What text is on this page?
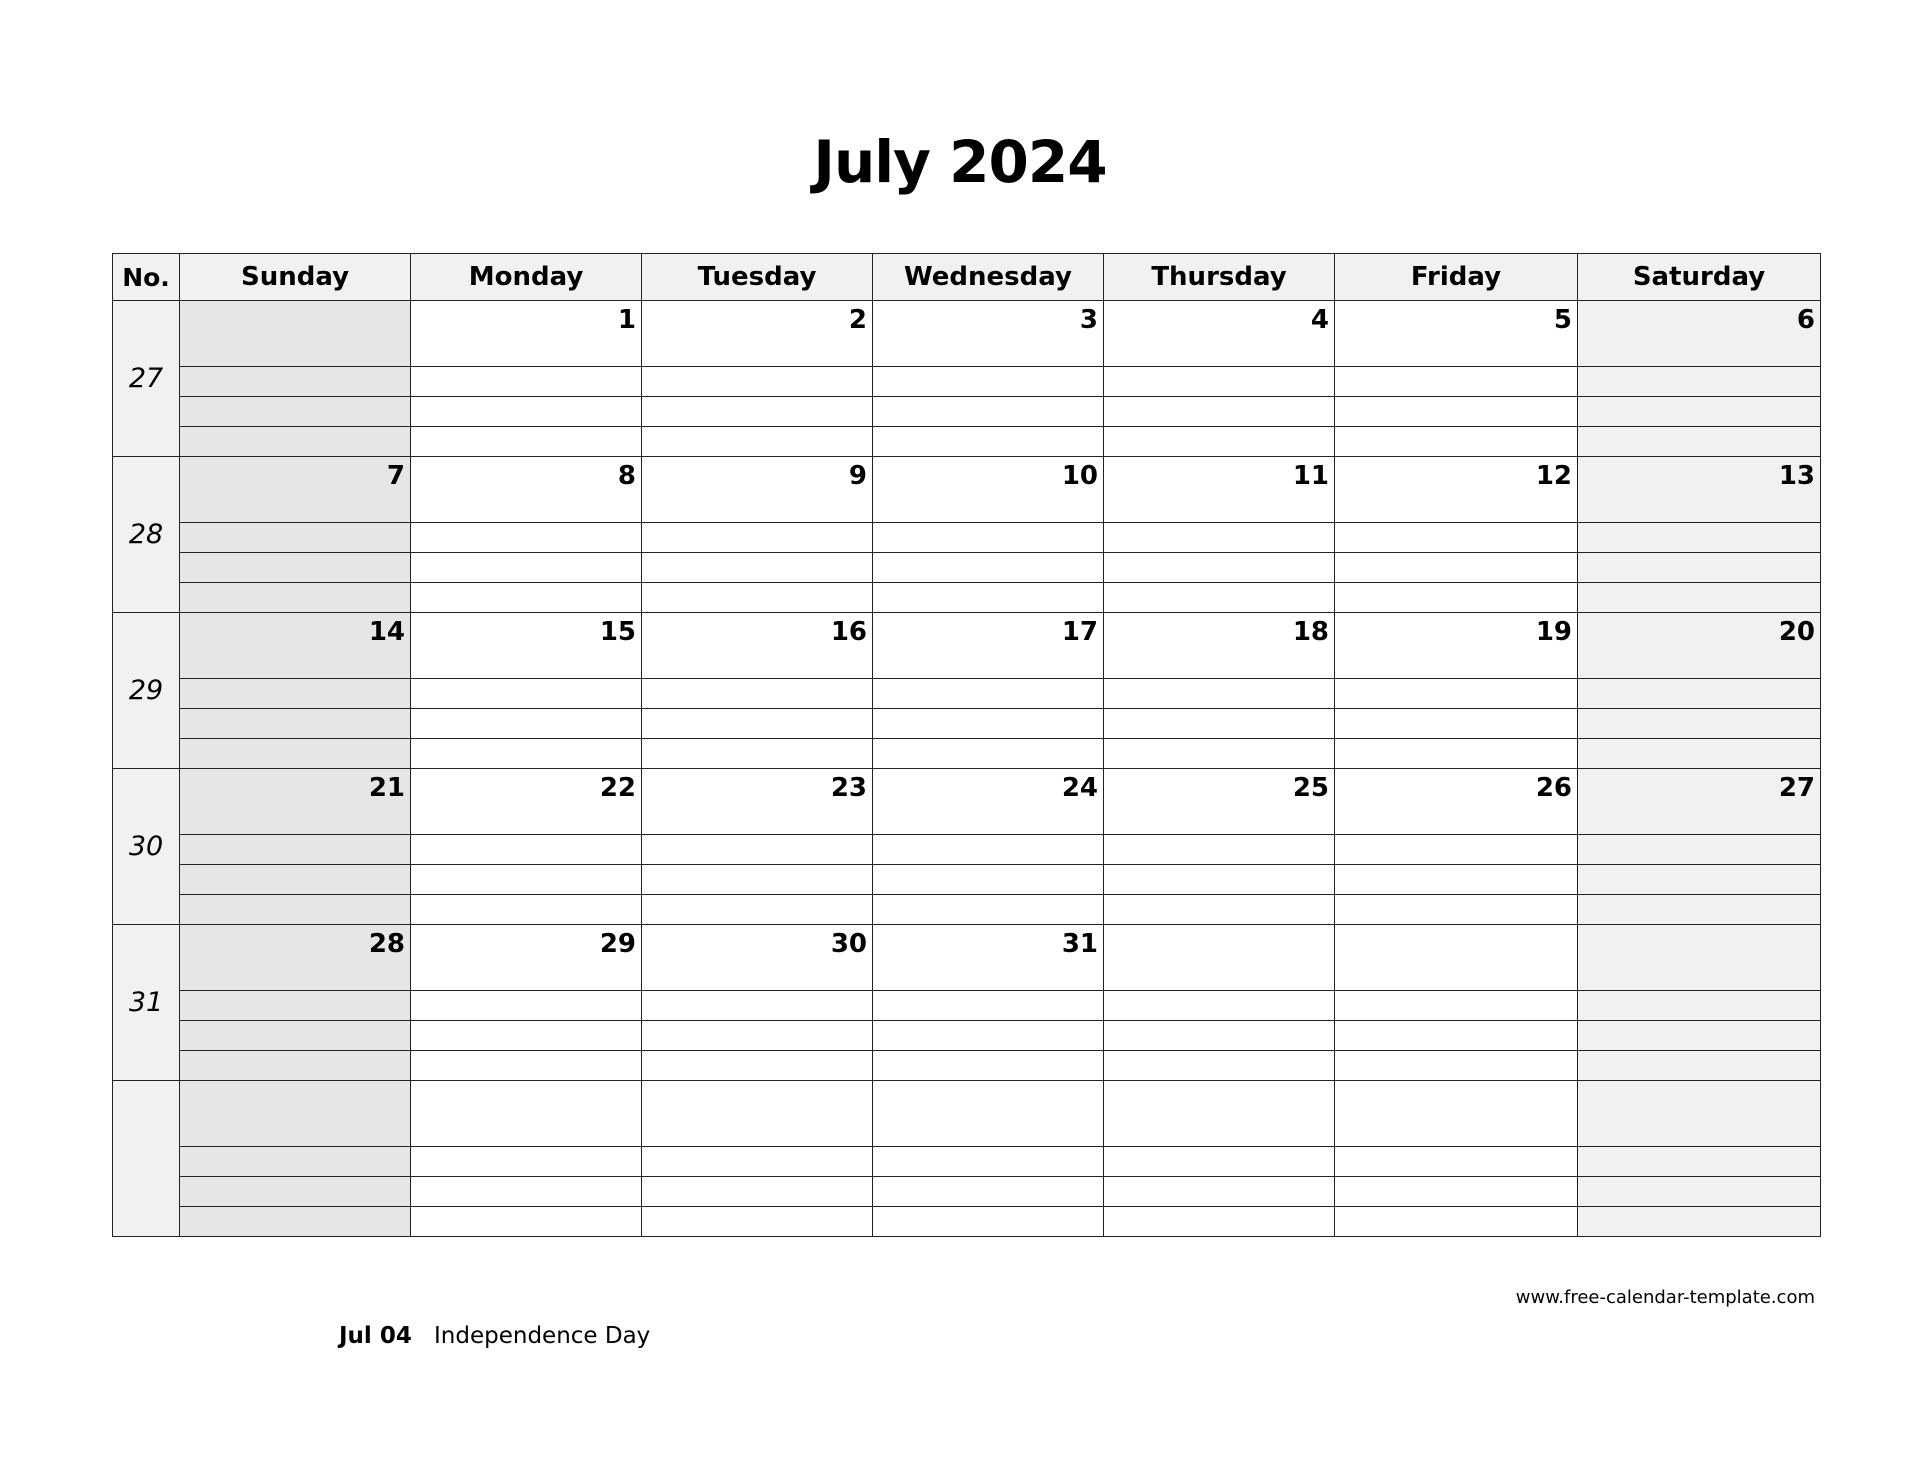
July 2024
No.	Sunday	Monday	Tuesday	Wednesday	Thursday	Friday	Saturday
27		1	2	3	4	5	6

28	7	8	9	10	11	12	13

29	14	15	16	17	18	19	20

30	21	22	23	24	25	26	27

31	28	29	30	31			

www.free-calendar-template.com
Jul 04 Independence Day
